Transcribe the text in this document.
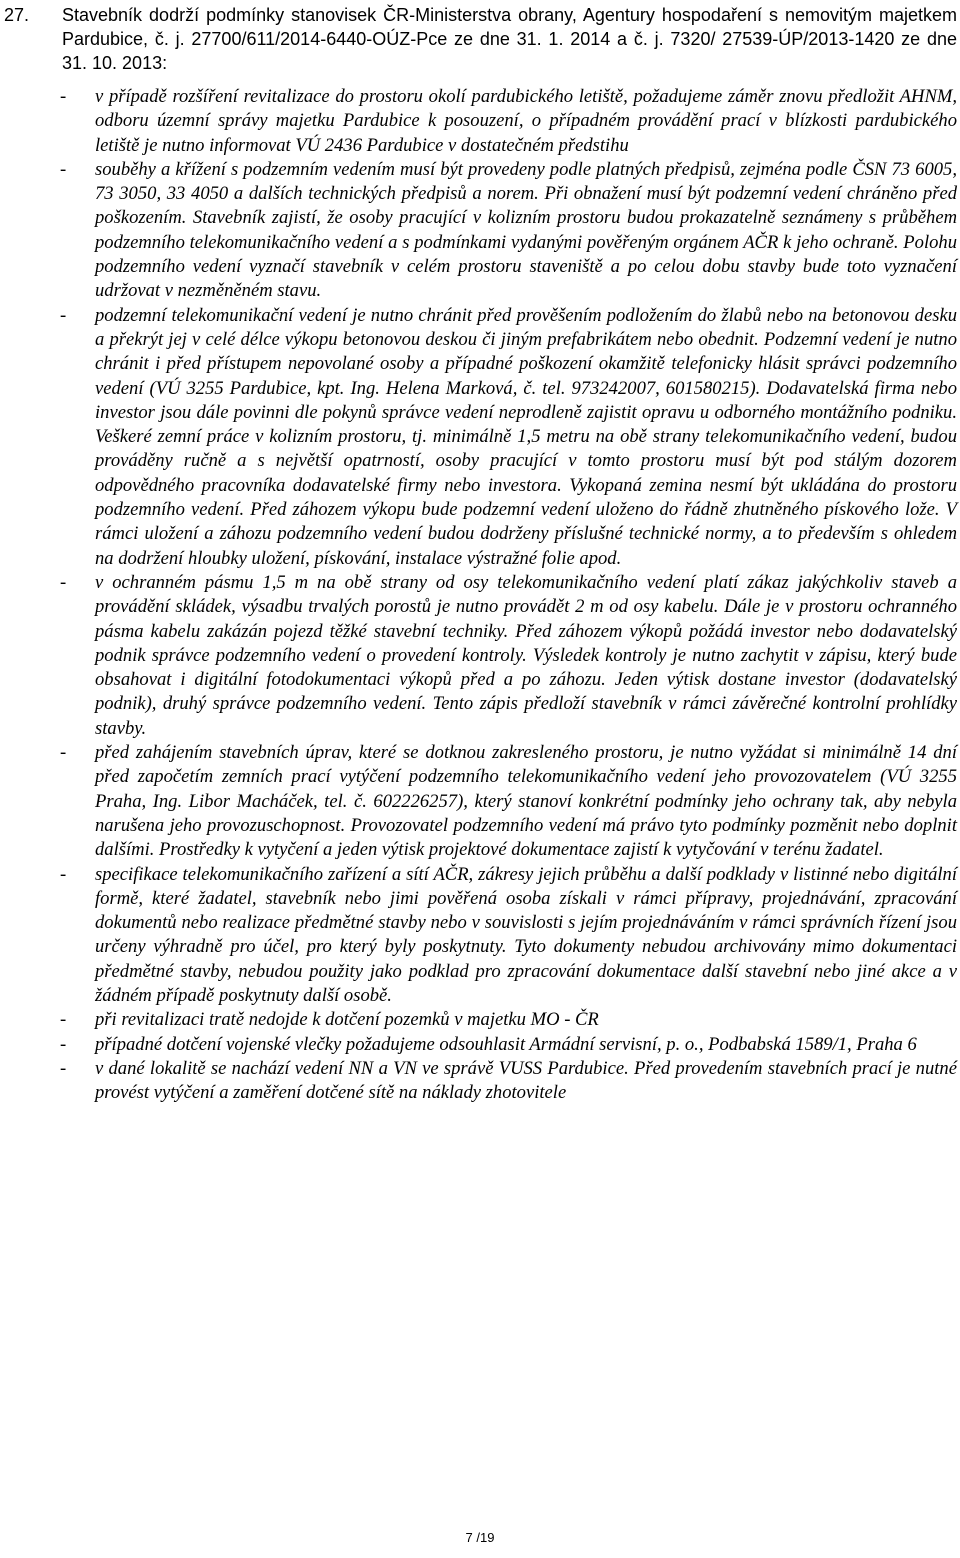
27. Stavebník dodrží podmínky stanovisek ČR-Ministerstva obrany, Agentury hospodaření s nemovitým majetkem Pardubice, č. j. 27700/611/2014-6440-OÚZ-Pce ze dne 31. 1. 2014 a č. j. 7320/ 27539-ÚP/2013-1420 ze dne 31. 10. 2013:
- v případě rozšíření revitalizace do prostoru okolí pardubického letiště, požadujeme záměr znovu předložit AHNM, odboru územní správy majetku Pardubice k posouzení, o případném provádění prací v blízkosti pardubického letiště je nutno informovat VÚ 2436 Pardubice v dostatečném předstihu
- souběhy a křížení s podzemním vedením musí být provedeny podle platných předpisů, zejména podle ČSN 73 6005, 73 3050, 33 4050 a dalších technických předpisů a norem. Při obnažení musí být podzemní vedení chráněno před poškozením. Stavebník zajistí, že osoby pracující v kolizním prostoru budou prokazatelně seznámeny s průběhem podzemního telekomunikačního vedení a s podmínkami vydanými pověřeným orgánem AČR k jeho ochraně. Polohu podzemního vedení vyznačí stavebník v celém prostoru staveniště a po celou dobu stavby bude toto vyznačení udržovat v nezměněném stavu.
- podzemní telekomunikační vedení je nutno chránit před prověšením podložením do žlabů nebo na betonovou desku a překrýt jej v celé délce výkopu betonovou deskou či jiným prefabrikátem nebo obednit. Podzemní vedení je nutno chránit i před přístupem nepovolané osoby a případné poškození okamžitě telefonicky hlásit správci podzemního vedení (VÚ 3255 Pardubice, kpt. Ing. Helena Marková, č. tel. 973242007, 601580215). Dodavatelská firma nebo investor jsou dále povinni dle pokynů správce vedení neprodleně zajistit opravu u odborného montážního podniku. Veškeré zemní práce v kolizním prostoru, tj. minimálně 1,5 metru na obě strany telekomunikačního vedení, budou prováděny ručně a s největší opatrností, osoby pracující v tomto prostoru musí být pod stálým dozorem odpovědného pracovníka dodavatelské firmy nebo investora. Vykopaná zemina nesmí být ukládána do prostoru podzemního vedení. Před záhozem výkopu bude podzemní vedení uloženo do řádně zhutněného pískového lože. V rámci uložení a záhozu podzemního vedení budou dodrženy příslušné technické normy, a to především s ohledem na dodržení hloubky uložení, pískování, instalace výstražné folie apod.
- v ochranném pásmu 1,5 m na obě strany od osy telekomunikačního vedení platí zákaz jakýchkoliv staveb a provádění skládek, výsadbu trvalých porostů je nutno provádět 2 m od osy kabelu. Dále je v prostoru ochranného pásma kabelu zakázán pojezd těžké stavební techniky. Před záhozem výkopů požádá investor nebo dodavatelský podnik správce podzemního vedení o provedení kontroly. Výsledek kontroly je nutno zachytit v zápisu, který bude obsahovat i digitální fotodokumentaci výkopů před a po záhozu. Jeden výtisk dostane investor (dodavatelský podnik), druhý správce podzemního vedení. Tento zápis předloží stavebník v rámci závěrečné kontrolní prohlídky stavby.
- před zahájením stavebních úprav, které se dotknou zakresleného prostoru, je nutno vyžádat si minimálně 14 dní před započetím zemních prací vytýčení podzemního telekomunikačního vedení jeho provozovatelem (VÚ 3255 Praha, Ing. Libor Macháček, tel. č. 602226257), který stanoví konkrétní podmínky jeho ochrany tak, aby nebyla narušena jeho provozuschopnost. Provozovatel podzemního vedení má právo tyto podmínky pozměnit nebo doplnit dalšími. Prostředky k vytyčení a jeden výtisk projektové dokumentace zajistí k vytyčování v terénu žadatel.
- specifikace telekomunikačního zařízení a sítí AČR, zákresy jejich průběhu a další podklady v listinné nebo digitální formě, které žadatel, stavebník nebo jimi pověřená osoba získali v rámci přípravy, projednávání, zpracování dokumentů nebo realizace předmětné stavby nebo v souvislosti s jejím projednáváním v rámci správních řízení jsou určeny výhradně pro účel, pro který byly poskytnuty. Tyto dokumenty nebudou archivovány mimo dokumentaci předmětné stavby, nebudou použity jako podklad pro zpracování dokumentace další stavební nebo jiné akce a v žádném případě poskytnuty další osobě.
- při revitalizaci tratě nedojde k dotčení pozemků v majetku MO - ČR
- případné dotčení vojenské vlečky požadujeme odsouhlasit Armádní servisní, p. o., Podbabská 1589/1, Praha 6
- v dané lokalitě se nachází vedení NN a VN ve správě VUSS Pardubice. Před provedením stavebních prací je nutné provést vytýčení a zaměření dotčené sítě na náklady zhotovitele
7 /19
